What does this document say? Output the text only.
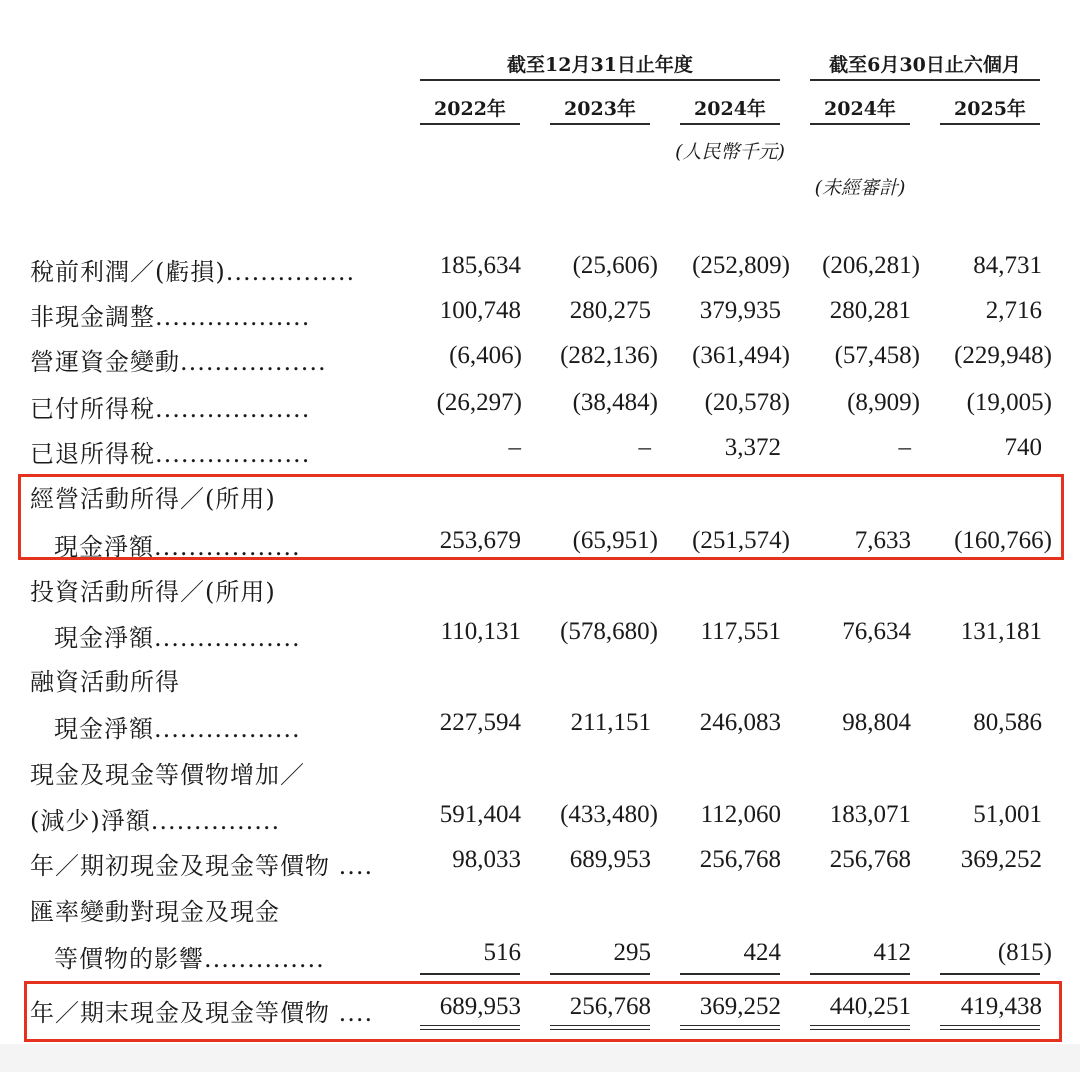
截至12月31日止年度	截至6月30日止六個月
2022年	2023年	2024年	2024年	2025年
(人民幣千元)
(未經審計)
稅前利潤／(虧損)...............	185,634	(25,606)	(252,809)	(206,281)	84,731
非現金調整..................	100,748	280,275	379,935	280,281	2,716
營運資金變動.................	(6,406)	(282,136)	(361,494)	(57,458)	(229,948)
已付所得稅..................	(26,297)	(38,484)	(20,578)	(8,909)	(19,005)
已退所得稅..................	–	–	3,372	–	740
經營活動所得／(所用)
現金淨額.................	253,679	(65,951)	(251,574)	7,633	(160,766)
投資活動所得／(所用)
現金淨額.................	110,131	(578,680)	117,551	76,634	131,181
融資活動所得
現金淨額.................	227,594	211,151	246,083	98,804	80,586
現金及現金等價物增加／
(減少)淨額...............	591,404	(433,480)	112,060	183,071	51,001
年／期初現金及現金等價物 ....	98,033	689,953	256,768	256,768	369,252
匯率變動對現金及現金
等價物的影響..............	516	295	424	412	(815)
年／期末現金及現金等價物 ....	689,953	256,768	369,252	440,251	419,438
